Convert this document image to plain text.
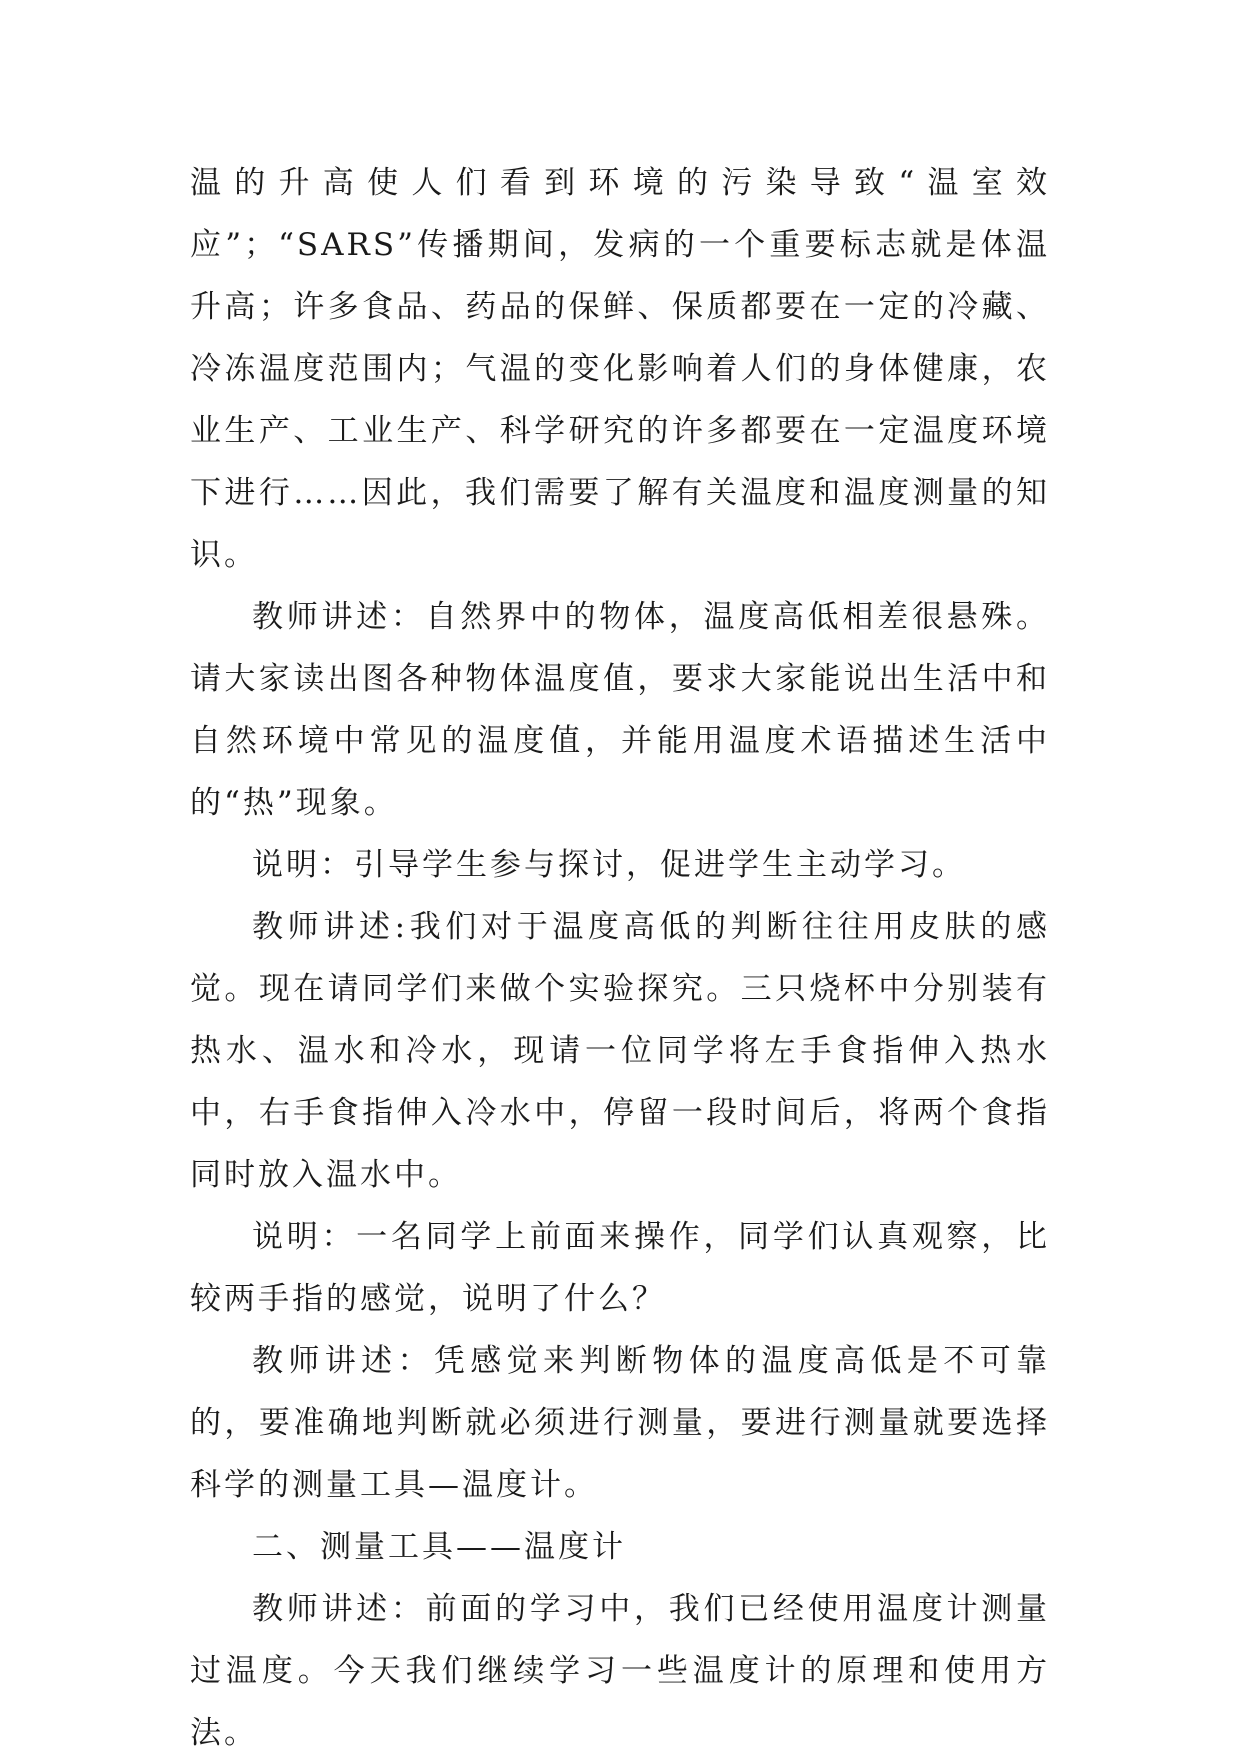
温的升高使人们看到环境的污染导致“温室效应”；“SARS”传播期间，发病的一个重要标志就是体温升高；许多食品、药品的保鲜、保质都要在一定的冷藏、冷冻温度范围内；气温的变化影响着人们的身体健康，农业生产、工业生产、科学研究的许多都要在一定温度环境下进行……因此，我们需要了解有关温度和温度测量的知识。

教师讲述：自然界中的物体，温度高低相差很悬殊。请大家读出图各种物体温度值，要求大家能说出生活中和自然环境中常见的温度值，并能用温度术语描述生活中的“热”现象。

说明：引导学生参与探讨，促进学生主动学习。

教师讲述:我们对于温度高低的判断往往用皮肤的感觉。现在请同学们来做个实验探究。三只烧杯中分别装有热水、温水和冷水，现请一位同学将左手食指伸入热水中，右手食指伸入冷水中，停留一段时间后，将两个食指同时放入温水中。

说明：一名同学上前面来操作，同学们认真观察，比较两手指的感觉，说明了什么？

教师讲述：凭感觉来判断物体的温度高低是不可靠的，要准确地判断就必须进行测量，要进行测量就要选择科学的测量工具—温度计。

二、测量工具——温度计

教师讲述：前面的学习中，我们已经使用温度计测量过温度。今天我们继续学习一些温度计的原理和使用方法。
